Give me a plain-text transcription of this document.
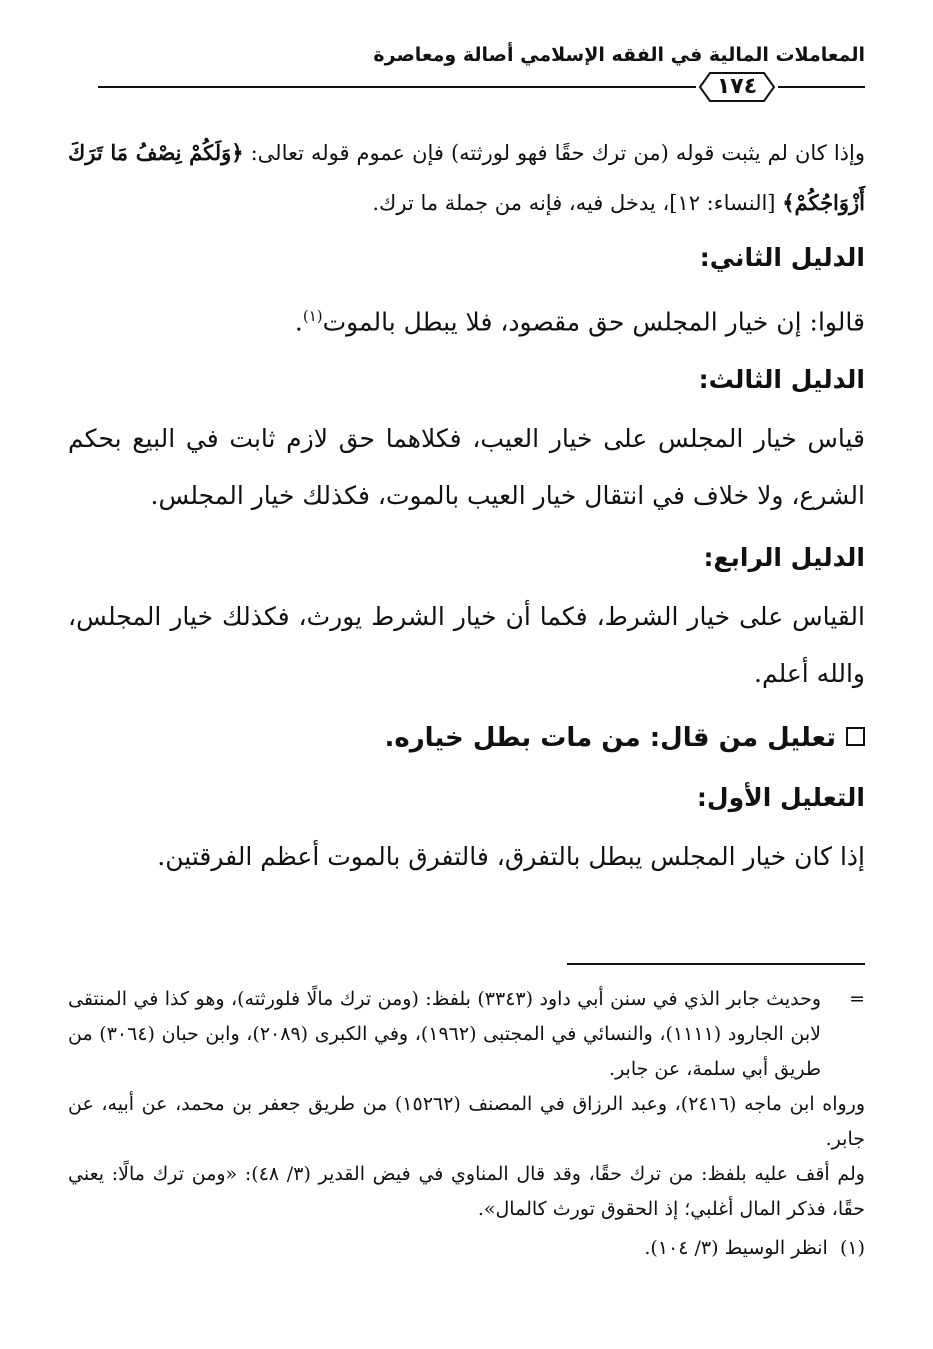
المعاملات المالية في الفقه الإسلامي أصالة ومعاصرة
١٧٤

وإذا كان لم يثبت قوله (من ترك حقًا فهو لورثته) فإن عموم قوله تعالى: ﴿وَلَكُمْ نِصْفُ مَا تَرَكَ أَزْوَاجُكُمْ﴾ [النساء: ١٢]، يدخل فيه، فإنه من جملة ما ترك.

الدليل الثاني:

قالوا: إن خيار المجلس حق مقصود، فلا يبطل بالموت$^{(١)}$.

الدليل الثالث:

قياس خيار المجلس على خيار العيب، فكلاهما حق لازم ثابت في البيع بحكم الشرع، ولا خلاف في انتقال خيار العيب بالموت، فكذلك خيار المجلس.

الدليل الرابع:

القياس على خيار الشرط، فكما أن خيار الشرط يورث، فكذلك خيار المجلس، والله أعلم.

تعليل من قال: من مات بطل خياره.

التعليل الأول:

إذا كان خيار المجلس يبطل بالتفرق، فالتفرق بالموت أعظم الفرقتين.

=
وحديث جابر الذي في سنن أبي داود (٣٣٤٣) بلفظ: (ومن ترك مالًا فلورثته)، وهو كذا في المنتقى لابن الجارود (١١١١)، والنسائي في المجتبى (١٩٦٢)، وفي الكبرى (٢٠٨٩)، وابن حبان (٣٠٦٤) من طريق أبي سلمة، عن جابر.

ورواه ابن ماجه (٢٤١٦)، وعبد الرزاق في المصنف (١٥٢٦٢) من طريق جعفر بن محمد، عن أبيه، عن جابر.

ولم أقف عليه بلفظ: من ترك حقًا، وقد قال المناوي في فيض القدير (٣/ ٤٨): «ومن ترك مالًا: يعني حقًا، فذكر المال أغلبي؛ إذ الحقوق تورث كالمال».

(١)  انظر الوسيط (٣/ ١٠٤).
